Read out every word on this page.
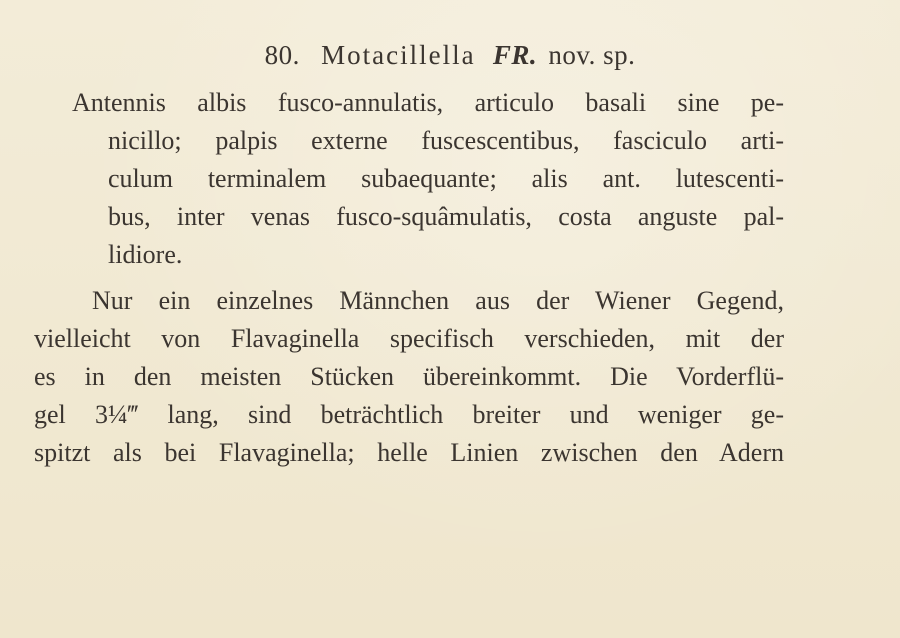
80. Motacillella FR. nov. sp.
Antennis albis fusco-annulatis, articulo basali sine pe-
nicillo; palpis externe fuscescentibus, fasciculo arti-
culum terminalem subaequante; alis ant. lutescenti-
bus, inter venas fusco-squâmulatis, costa anguste pal-
lidiore.
Nur ein einzelnes Männchen aus der Wiener Gegend,
vielleicht von Flavaginella specifisch verschieden, mit der
es in den meisten Stücken übereinkommt. Die Vorderflü-
gel 3¼‴ lang, sind beträchtlich breiter und weniger ge-
spitzt als bei Flavaginella; helle Linien zwischen den Adern
